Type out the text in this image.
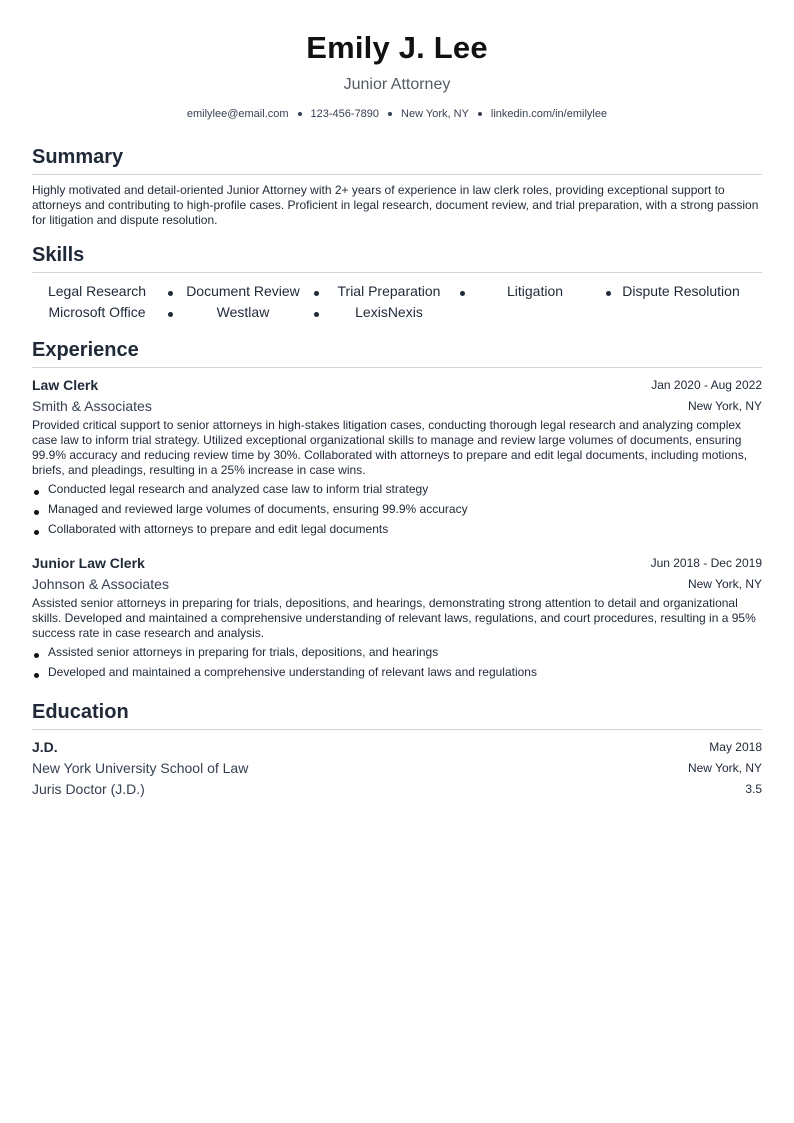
Emily J. Lee
Junior Attorney
emilylee@email.com 123-456-7890 New York, NY linkedin.com/in/emilylee
Summary
Highly motivated and detail-oriented Junior Attorney with 2+ years of experience in law clerk roles, providing exceptional support to attorneys and contributing to high-profile cases. Proficient in legal research, document review, and trial preparation, with a strong passion for litigation and dispute resolution.
Skills
Legal Research	Document Review	Trial Preparation	Litigation	Dispute Resolution
Microsoft Office	Westlaw	LexisNexis
Experience
Law Clerk	Jan 2020 - Aug 2022
Smith & Associates	New York, NY
Provided critical support to senior attorneys in high-stakes litigation cases, conducting thorough legal research and analyzing complex case law to inform trial strategy. Utilized exceptional organizational skills to manage and review large volumes of documents, ensuring 99.9% accuracy and reducing review time by 30%. Collaborated with attorneys to prepare and edit legal documents, including motions, briefs, and pleadings, resulting in a 25% increase in case wins.
Conducted legal research and analyzed case law to inform trial strategy
Managed and reviewed large volumes of documents, ensuring 99.9% accuracy
Collaborated with attorneys to prepare and edit legal documents
Junior Law Clerk	Jun 2018 - Dec 2019
Johnson & Associates	New York, NY
Assisted senior attorneys in preparing for trials, depositions, and hearings, demonstrating strong attention to detail and organizational skills. Developed and maintained a comprehensive understanding of relevant laws, regulations, and court procedures, resulting in a 95% success rate in case research and analysis.
Assisted senior attorneys in preparing for trials, depositions, and hearings
Developed and maintained a comprehensive understanding of relevant laws and regulations
Education
J.D.	May 2018
New York University School of Law	New York, NY
Juris Doctor (J.D.)	3.5
